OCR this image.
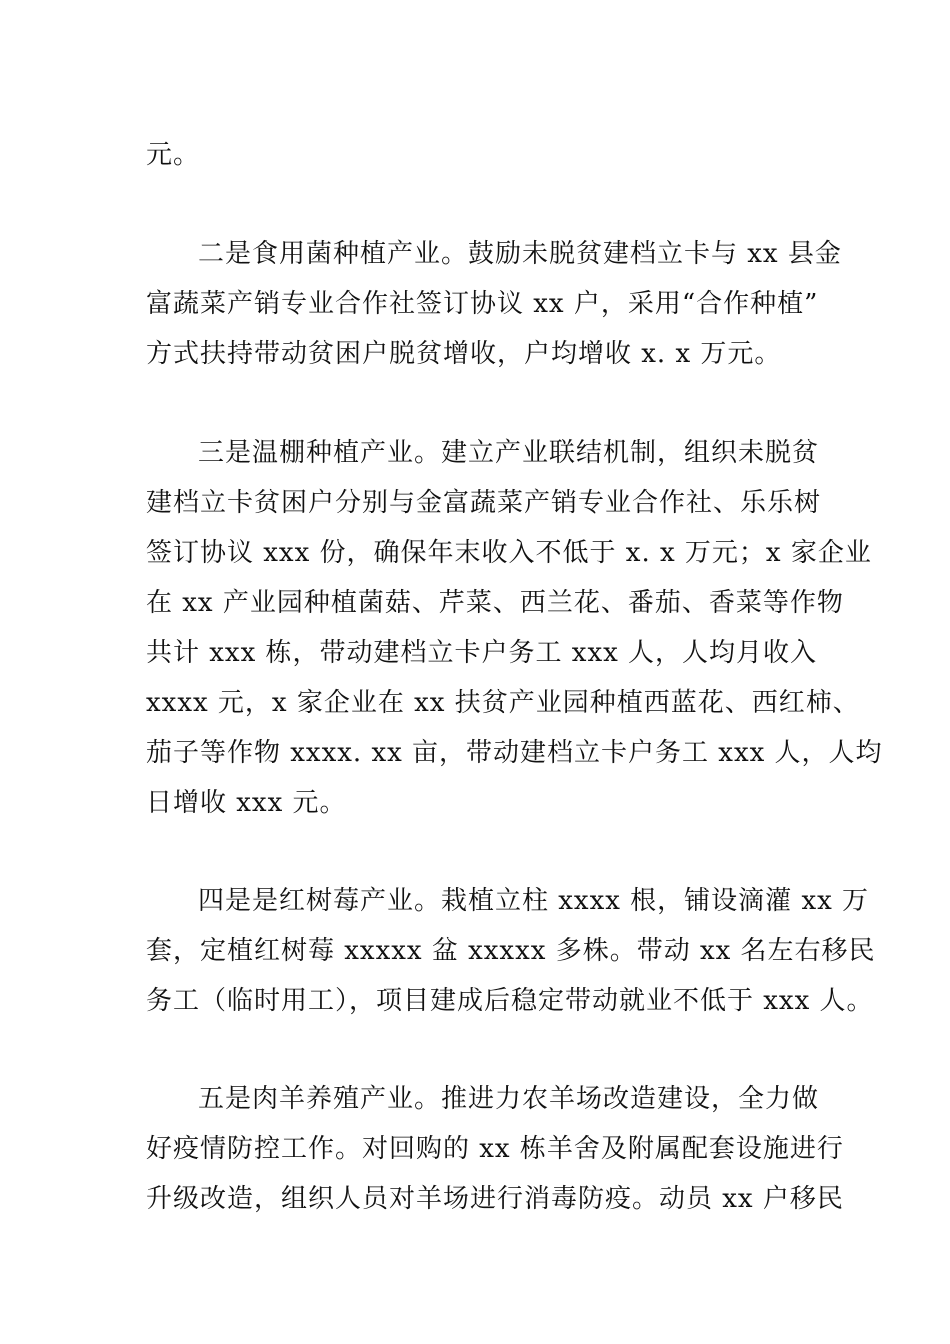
元。
二是食用菌种植产业。鼓励未脱贫建档立卡与 xx 县金
富蔬菜产销专业合作社签订协议 xx 户，采用“合作种植”
方式扶持带动贫困户脱贫增收，户均增收 x. x 万元。
三是温棚种植产业。建立产业联结机制，组织未脱贫
建档立卡贫困户分别与金富蔬菜产销专业合作社、乐乐树
签订协议 xxx 份，确保年末收入不低于 x. x 万元；x 家企业
在 xx 产业园种植菌菇、芹菜、西兰花、番茄、香菜等作物
共计 xxx 栋，带动建档立卡户务工 xxx 人，人均月收入
xxxx 元，x 家企业在 xx 扶贫产业园种植西蓝花、西红柿、
茄子等作物 xxxx. xx 亩，带动建档立卡户务工 xxx 人，人均
日增收 xxx 元。
四是是红树莓产业。栽植立柱 xxxx 根，铺设滴灌 xx 万
套，定植红树莓 xxxxx 盆 xxxxx 多株。带动 xx 名左右移民
务工（临时用工），项目建成后稳定带动就业不低于 xxx 人。
五是肉羊养殖产业。推进力农羊场改造建设，全力做
好疫情防控工作。对回购的 xx 栋羊舍及附属配套设施进行
升级改造，组织人员对羊场进行消毒防疫。动员 xx 户移民
